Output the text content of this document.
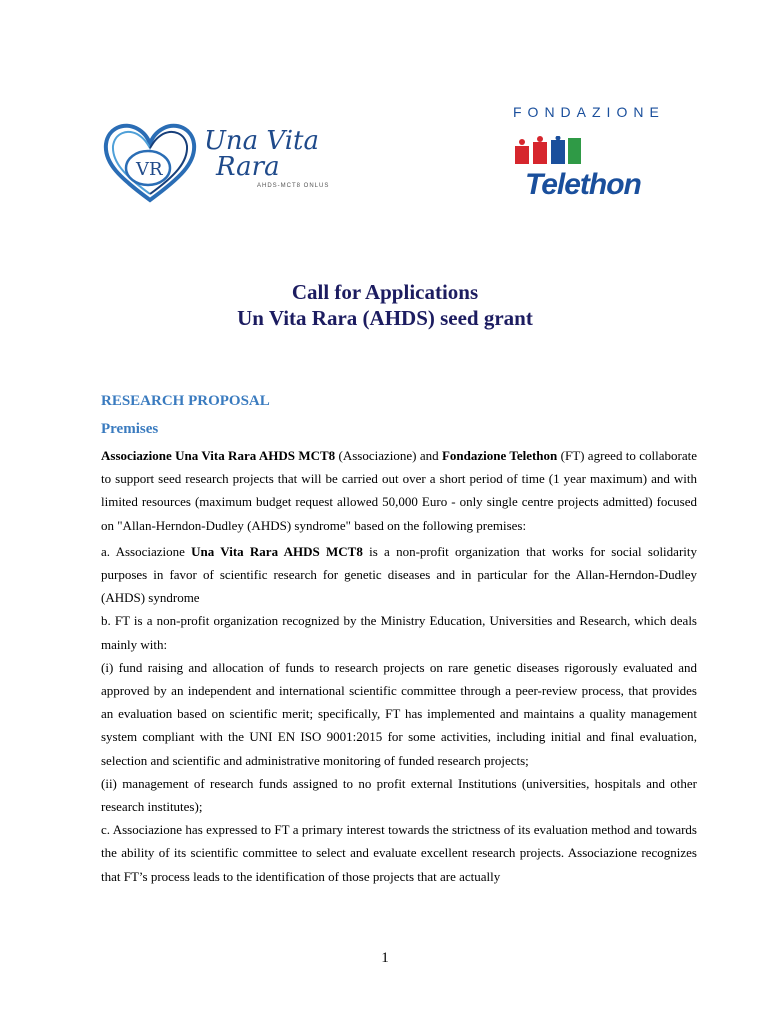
VR
Una Vita
Rara
AHDS-MCT8 ONLUS
FONDAZIONE
Telethon
Call for Applications
Un Vita Rara (AHDS) seed grant
RESEARCH PROPOSAL
Premises

Associazione Una Vita Rara AHDS MCT8 (Associazione) and Fondazione Telethon (FT) agreed to collaborate to support seed research projects that will be carried out over a short period of time (1 year maximum) and with limited resources (maximum budget request allowed 50,000 Euro - only single centre projects admitted) focused on "Allan-Herndon-Dudley (AHDS) syndrome" based on the following premises:

a. Associazione Una Vita Rara AHDS MCT8 is a non-profit organization that works for social solidarity purposes in favor of scientific research for genetic diseases and in particular for the Allan-Herndon-Dudley (AHDS) syndrome

b. FT is a non-profit organization recognized by the Ministry Education, Universities and Research, which deals mainly with:

(i) fund raising and allocation of funds to research projects on rare genetic diseases rigorously evaluated and approved by an independent and international scientific committee through a peer-review process, that provides an evaluation based on scientific merit; specifically, FT has implemented and maintains a quality management system compliant with the UNI EN ISO 9001:2015 for some activities, including initial and final evaluation, selection and scientific and administrative monitoring of funded research projects;

(ii) management of research funds assigned to no profit external Institutions (universities, hospitals and other research institutes);

c. Associazione has expressed to FT a primary interest towards the strictness of its evaluation method and towards the ability of its scientific committee to select and evaluate excellent research projects. Associazione recognizes that FT’s process leads to the identification of those projects that are actually

1
